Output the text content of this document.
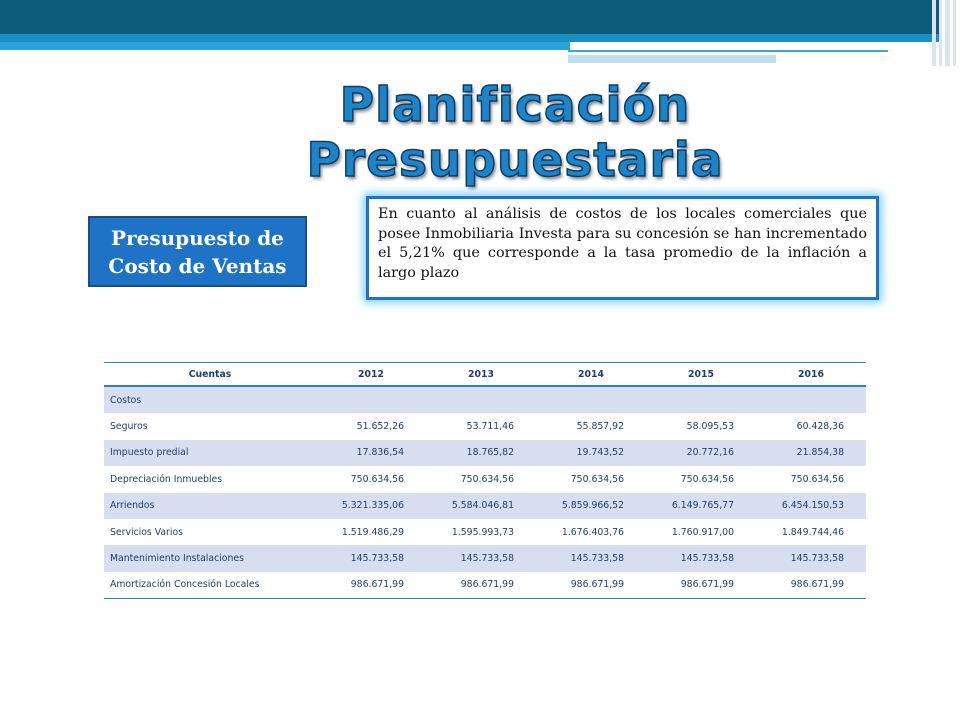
Planificación Presupuestaria
Presupuesto de
Costo de Ventas
En cuanto al análisis de costos de los locales comerciales que posee Inmobiliaria Investa para su concesión se han incrementado el 5,21% que corresponde a la tasa promedio de la inflación a largo plazo
Cuentas	2012	2013	2014	2015	2016
Costos					
Seguros	51.652,26	53.711,46	55.857,92	58.095,53	60.428,36
Impuesto predial	17.836,54	18.765,82	19.743,52	20.772,16	21.854,38
Depreciación Inmuebles	750.634,56	750.634,56	750.634,56	750.634,56	750.634,56
Arriendos	5.321.335,06	5.584.046,81	5.859.966,52	6.149.765,77	6.454.150,53
Servicios Varios	1.519.486,29	1.595.993,73	1.676.403,76	1.760.917,00	1.849.744,46
Mantenimiento Instalaciones	145.733,58	145.733,58	145.733,58	145.733,58	145.733,58
Amortización Concesión Locales	986.671,99	986.671,99	986.671,99	986.671,99	986.671,99
